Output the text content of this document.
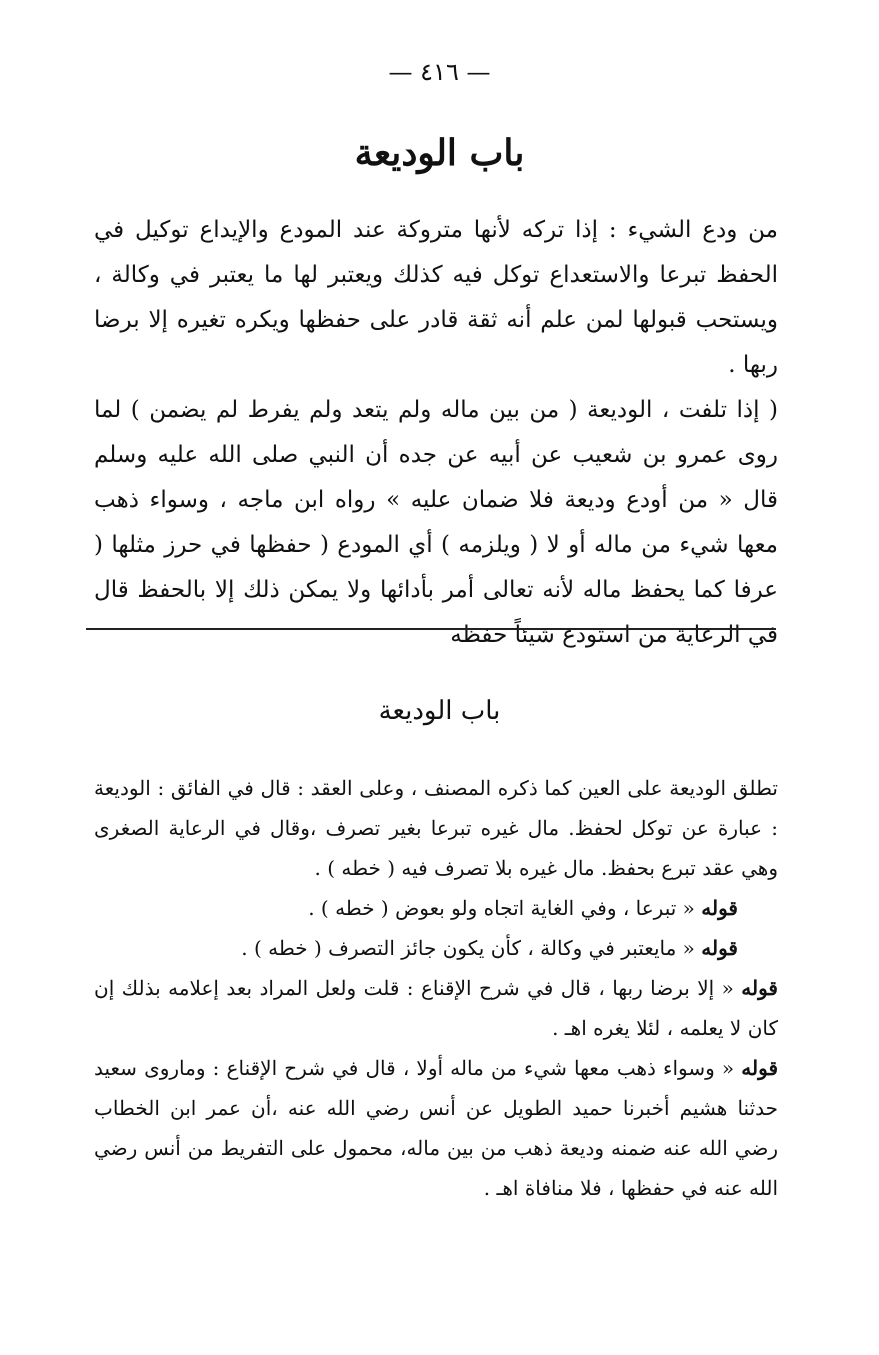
— ٤١٦ —
باب الوديعة

من ودع الشيء : إذا تركه لأنها متروكة عند المودع والإيداع توكيل في الحفظ تبرعا والاستعداع توكل فيه كذلك ويعتبر لها ما يعتبر في وكالة ، ويستحب قبولها لمن علم أنه ثقة قادر على حفظها ويكره تغيره إلا برضا ربها .

( إذا تلفت ، الوديعة ( من بين ماله ولم يتعد ولم يفرط لم يضمن ) لما روى عمرو بن شعيب عن أبيه عن جده أن النبي صلى الله عليه وسلم قال « من أودع وديعة فلا ضمان عليه » رواه ابن ماجه ، وسواء ذهب معها شيء من ماله أو لا ( ويلزمه ) أي المودع ( حفظها في حرز مثلها ( عرفا كما يحفظ ماله لأنه تعالى أمر بأدائها ولا يمكن ذلك إلا بالحفظ قال في الرعاية من استودع شيئاً حفظه

باب الوديعة

تطلق الوديعة على العين كما ذكره المصنف ، وعلى العقد : قال في الفائق : الوديعة : عبارة عن توكل لحفظ. مال غيره تبرعا بغير تصرف ،وقال في الرعاية الصغرى وهي عقد تبرع بحفظ. مال غيره بلا تصرف فيه ( خطه ) .

قوله « تبرعا ، وفي الغاية اتجاه ولو بعوض ( خطه ) .

قوله « مايعتبر في وكالة ، كأن يكون جائز التصرف ( خطه ) .

قوله « إلا برضا ربها ، قال في شرح الإقناع : قلت ولعل المراد بعد إعلامه بذلك إن كان لا يعلمه ، لئلا يغره اهـ .

قوله « وسواء ذهب معها شيء من ماله أولا ، قال في شرح الإقناع : وماروى سعيد حدثنا هشيم أخبرنا حميد الطويل عن أنس رضي الله عنه ،أن عمر ابن الخطاب رضي الله عنه ضمنه وديعة ذهب من بين ماله، محمول على التفريط من أنس رضي الله عنه في حفظها ، فلا منافاة اهـ .
